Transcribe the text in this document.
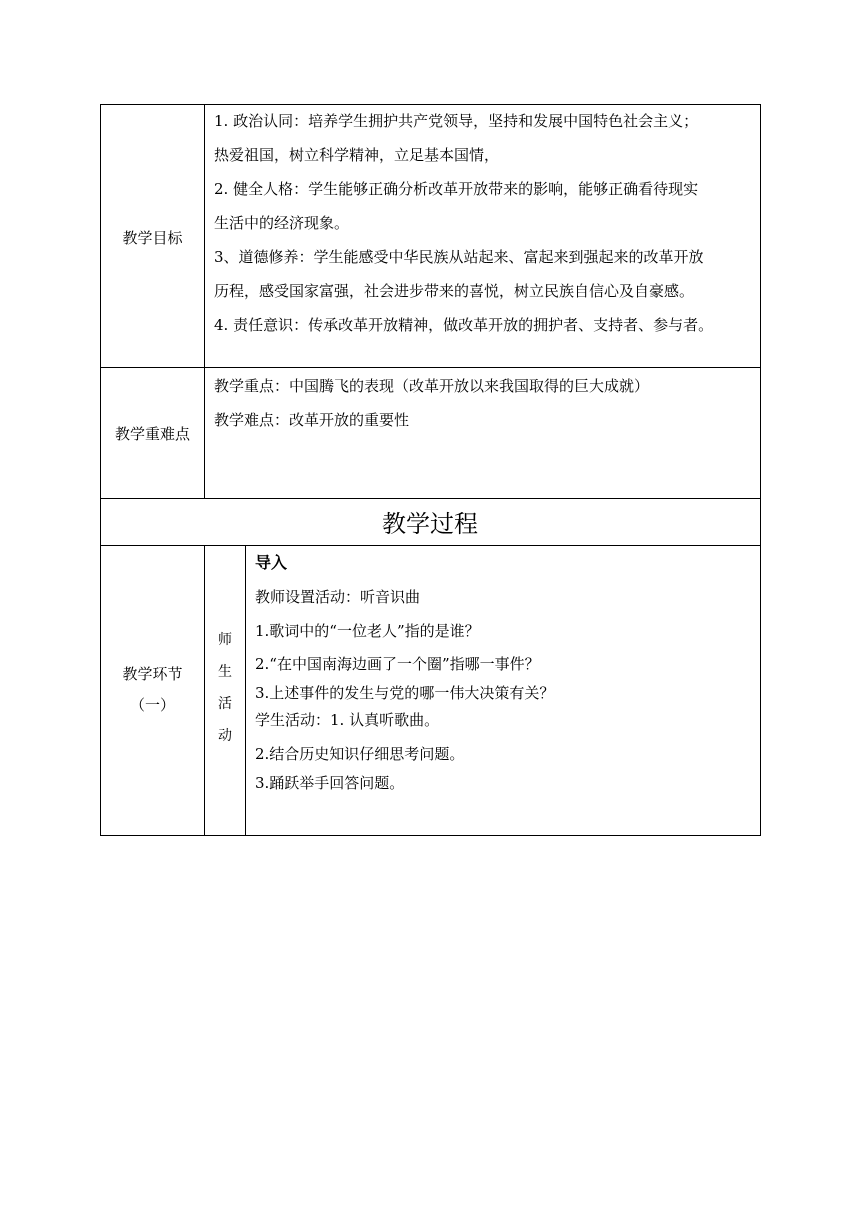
教学目标
1. 政治认同：培养学生拥护共产党领导，坚持和发展中国特色社会主义；
热爱祖国，树立科学精神，立足基本国情，
2. 健全人格：学生能够正确分析改革开放带来的影响，能够正确看待现实
生活中的经济现象。
3、道德修养：学生能感受中华民族从站起来、富起来到强起来的改革开放
历程，感受国家富强，社会进步带来的喜悦，树立民族自信心及自豪感。
4. 责任意识：传承改革开放精神，做改革开放的拥护者、支持者、参与者。
教学重难点
教学重点：中国腾飞的表现（改革开放以来我国取得的巨大成就）
教学难点：改革开放的重要性
教学过程
教学环节
（一）
师
生
活
动
导入
教师设置活动：听音识曲
1.歌词中的“一位老人”指的是谁？
2.“在中国南海边画了一个圈”指哪一事件？
3.上述事件的发生与党的哪一伟大决策有关？
学生活动：1. 认真听歌曲。
2.结合历史知识仔细思考问题。
3.踊跃举手回答问题。
